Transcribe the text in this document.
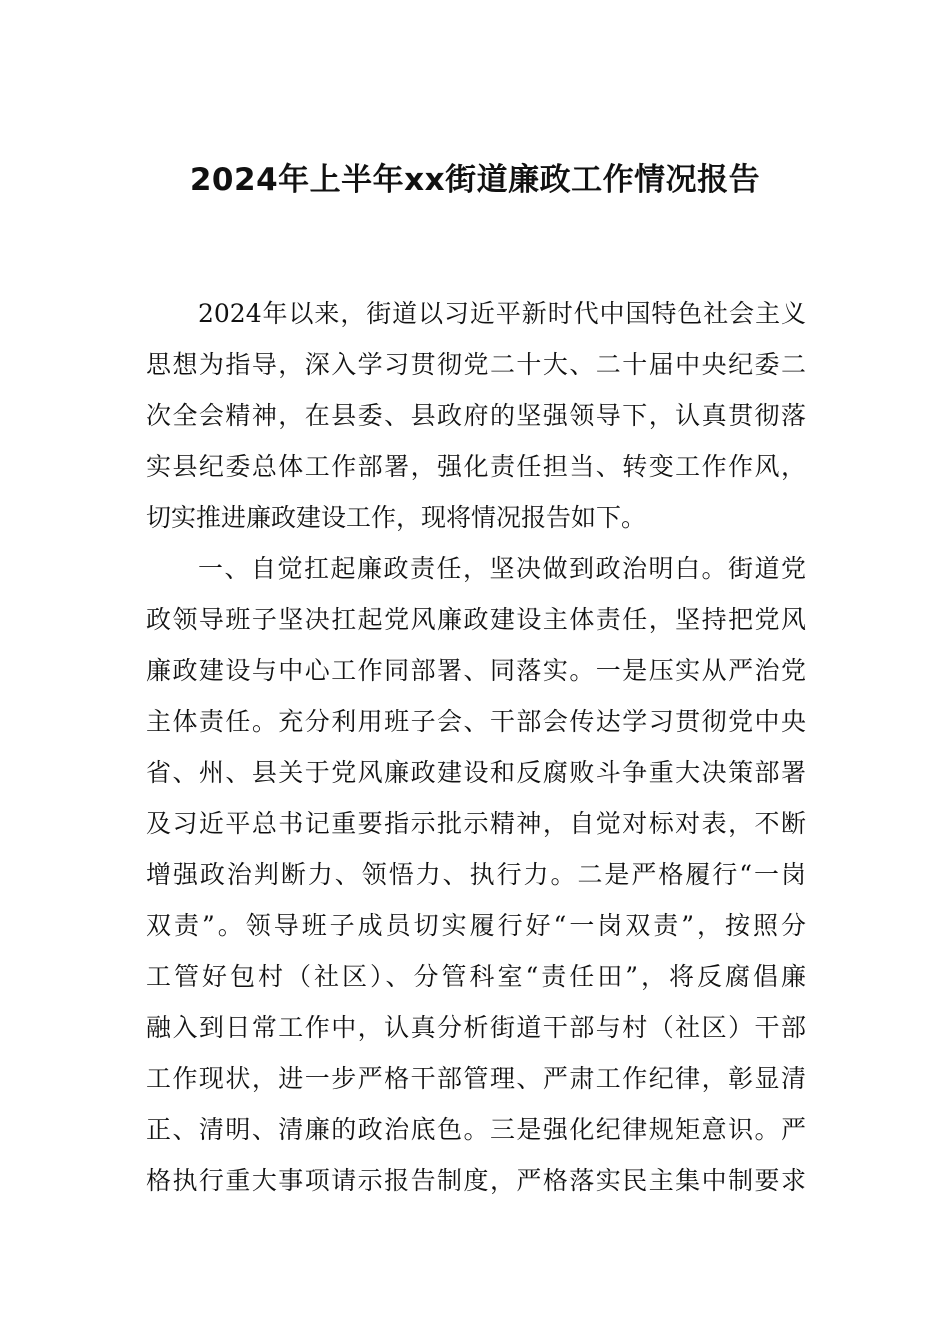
2024年上半年xx街道廉政工作情况报告
2024年以来，街道以习近平新时代中国特色社会主义
思想为指导，深入学习贯彻党二十大、二十届中央纪委二
次全会精神，在县委、县政府的坚强领导下，认真贯彻落
实县纪委总体工作部署，强化责任担当、转变工作作风，
切实推进廉政建设工作，现将情况报告如下。
一、自觉扛起廉政责任，坚决做到政治明白。街道党
政领导班子坚决扛起党风廉政建设主体责任，坚持把党风
廉政建设与中心工作同部署、同落实。一是压实从严治党
主体责任。充分利用班子会、干部会传达学习贯彻党中央
省、州、县关于党风廉政建设和反腐败斗争重大决策部署
及习近平总书记重要指示批示精神，自觉对标对表，不断
增强政治判断力、领悟力、执行力。二是严格履行“一岗
双责”。领导班子成员切实履行好“一岗双责”，按照分
工管好包村（社区）、分管科室“责任田”，将反腐倡廉
融入到日常工作中，认真分析街道干部与村（社区）干部
工作现状，进一步严格干部管理、严肃工作纪律，彰显清
正、清明、清廉的政治底色。三是强化纪律规矩意识。严
格执行重大事项请示报告制度，严格落实民主集中制要求
